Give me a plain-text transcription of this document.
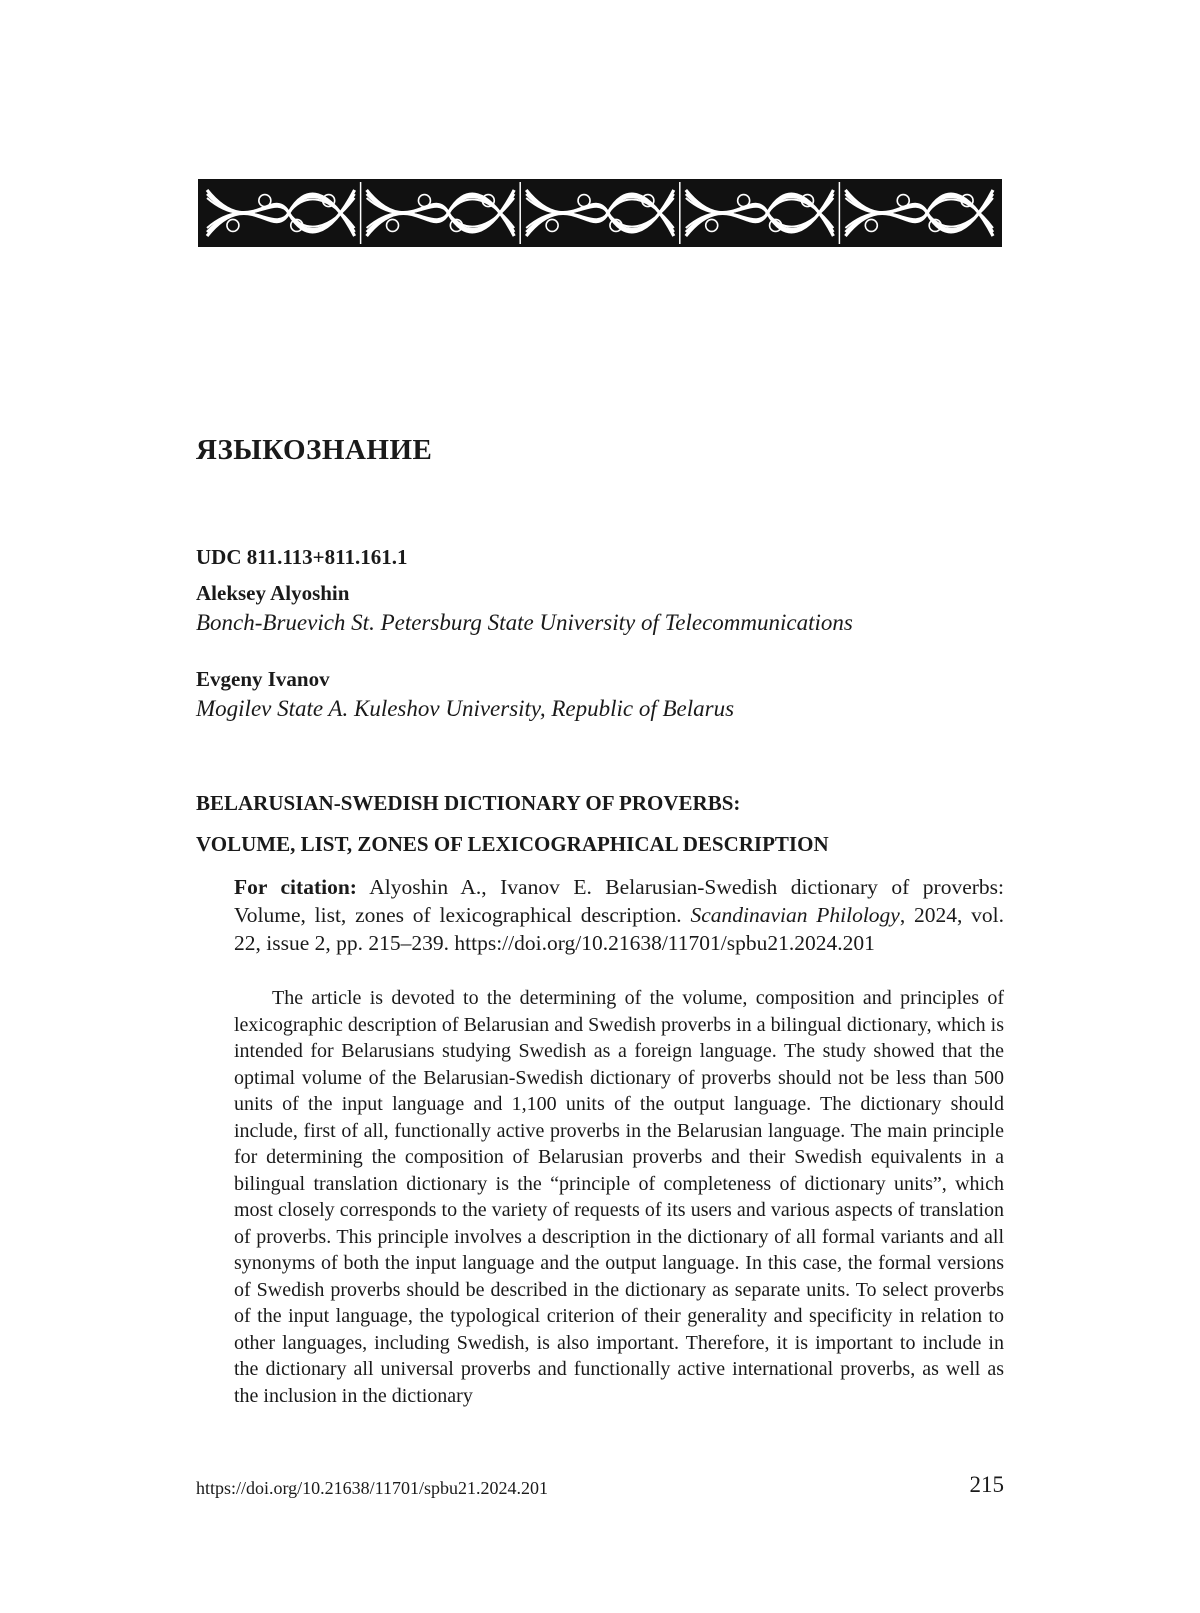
ЯЗЫКОЗНАНИЕ

UDC 811.113+811.161.1

Aleksey Alyoshin
Bonch-Bruevich St. Petersburg State University of Telecommunications
Evgeny Ivanov
Mogilev State A. Kuleshov University, Republic of Belarus
BELARUSIAN-SWEDISH DICTIONARY OF PROVERBS:
VOLUME, LIST, ZONES OF LEXICOGRAPHICAL DESCRIPTION

For citation: Alyoshin A., Ivanov E. Belarusian-Swedish dictionary of proverbs: Volume, list, zones of lexicographical description. Scandinavian Philology, 2024, vol. 22, issue 2, pp. 215–239. https://doi.org/10.21638/11701/spbu21.2024.201

The article is devoted to the determining of the volume, composition and principles of lexicographic description of Belarusian and Swedish proverbs in a bilingual dictionary, which is intended for Belarusians studying Swedish as a foreign language. The study showed that the optimal volume of the Belarusian-Swedish dictionary of proverbs should not be less than 500 units of the input language and 1,100 units of the output language. The dictionary should include, first of all, functionally active proverbs in the Belarusian language. The main principle for determining the composition of Belarusian proverbs and their Swedish equivalents in a bilingual translation dictionary is the “principle of completeness of dictionary units”, which most closely corresponds to the variety of requests of its users and various aspects of translation of proverbs. This principle involves a description in the dictionary of all formal variants and all synonyms of both the input language and the output language. In this case, the formal versions of Swedish proverbs should be described in the dictionary as separate units. To select proverbs of the input language, the typological criterion of their generality and specificity in relation to other languages, including Swedish, is also important. Therefore, it is important to include in the dictionary all universal proverbs and functionally active international proverbs, as well as the inclusion in the dictionary

https://doi.org/10.21638/11701/spbu21.2024.201	215
